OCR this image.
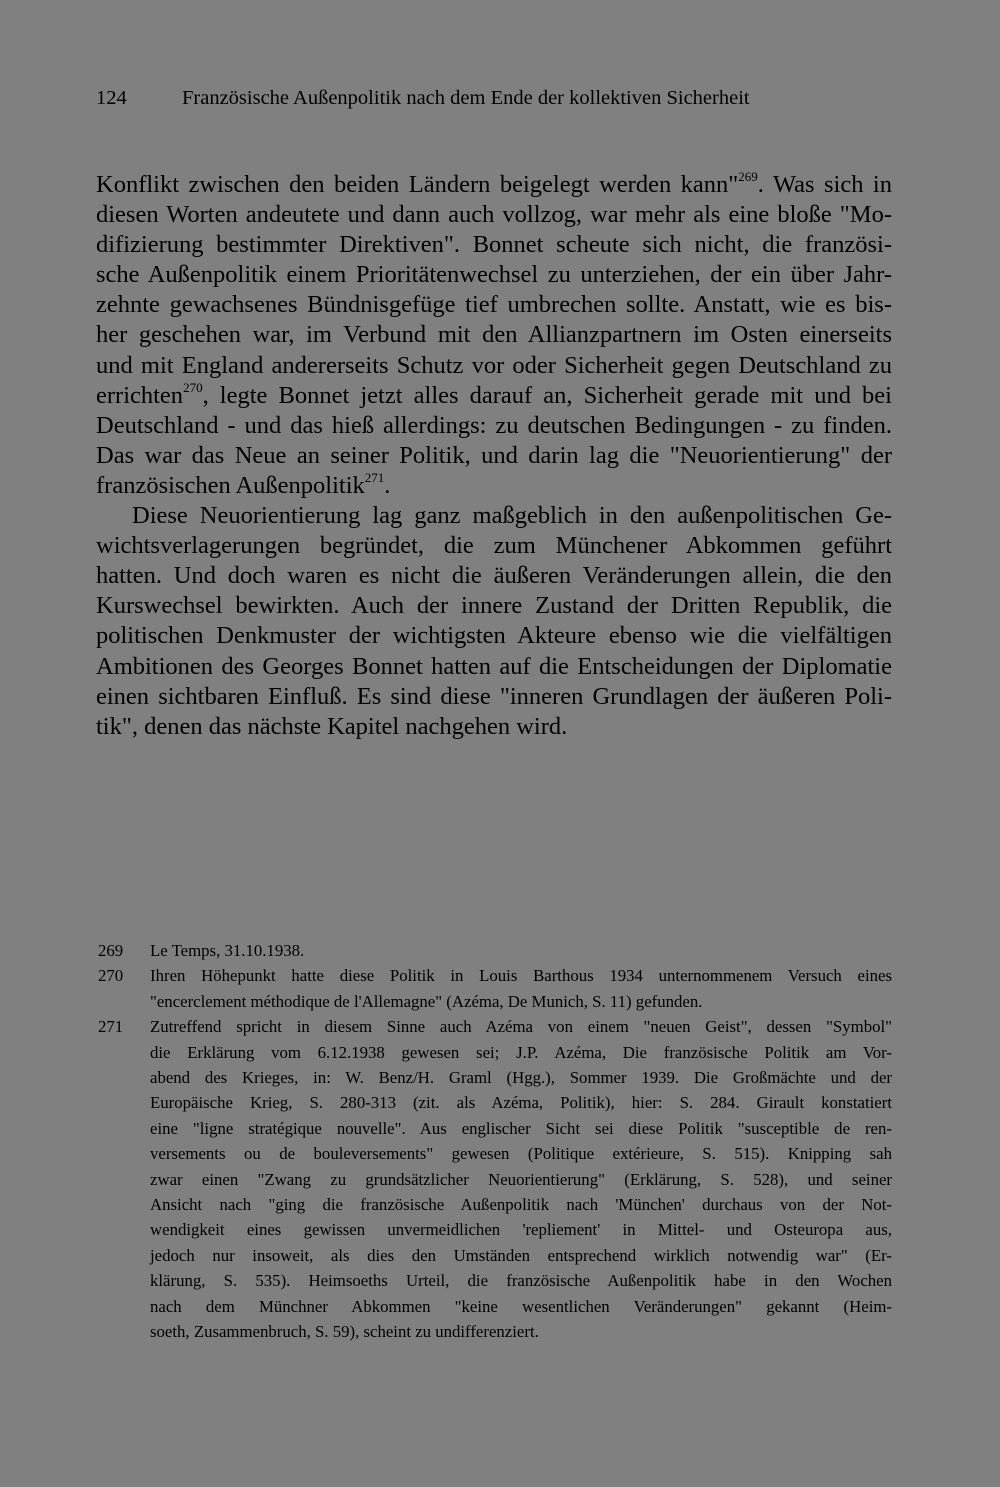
124	Französische Außenpolitik nach dem Ende der kollektiven Sicherheit
Konflikt zwischen den beiden Ländern beigelegt werden kann"$^{269}$. Was sich in
diesen Worten andeutete und dann auch vollzog, war mehr als eine bloße "Mo-
difizierung bestimmter Direktiven". Bonnet scheute sich nicht, die französi-
sche Außenpolitik einem Prioritätenwechsel zu unterziehen, der ein über Jahr-
zehnte gewachsenes Bündnisgefüge tief umbrechen sollte. Anstatt, wie es bis-
her geschehen war, im Verbund mit den Allianzpartnern im Osten einerseits
und mit England andererseits Schutz vor oder Sicherheit gegen Deutschland zu
errichten$^{270}$, legte Bonnet jetzt alles darauf an, Sicherheit gerade mit und bei
Deutschland - und das hieß allerdings: zu deutschen Bedingungen - zu finden.
Das war das Neue an seiner Politik, und darin lag die "Neuorientierung" der
französischen Außenpolitik$^{271}$.
Diese Neuorientierung lag ganz maßgeblich in den außenpolitischen Ge-
wichtsverlagerungen begründet, die zum Münchener Abkommen geführt
hatten. Und doch waren es nicht die äußeren Veränderungen allein, die den
Kurswechsel bewirkten. Auch der innere Zustand der Dritten Republik, die
politischen Denkmuster der wichtigsten Akteure ebenso wie die vielfältigen
Ambitionen des Georges Bonnet hatten auf die Entscheidungen der Diplomatie
einen sichtbaren Einfluß. Es sind diese "inneren Grundlagen der äußeren Poli-
tik", denen das nächste Kapitel nachgehen wird.
269 Le Temps, 31.10.1938.
270 Ihren Höhepunkt hatte diese Politik in Louis Barthous 1934 unternommenem Versuch eines
"encerclement méthodique de l'Allemagne" (Azéma, De Munich, S. 11) gefunden.
271 Zutreffend spricht in diesem Sinne auch Azéma von einem "neuen Geist", dessen "Symbol"
die Erklärung vom 6.12.1938 gewesen sei; J.P. Azéma, Die französische Politik am Vor-
abend des Krieges, in: W. Benz/H. Graml (Hgg.), Sommer 1939. Die Großmächte und der
Europäische Krieg, S. 280-313 (zit. als Azéma, Politik), hier: S. 284. Girault konstatiert
eine "ligne stratégique nouvelle". Aus englischer Sicht sei diese Politik "susceptible de ren-
versements ou de bouleversements" gewesen (Politique extérieure, S. 515). Knipping sah
zwar einen "Zwang zu grundsätzlicher Neuorientierung" (Erklärung, S. 528), und seiner
Ansicht nach "ging die französische Außenpolitik nach 'München' durchaus von der Not-
wendigkeit eines gewissen unvermeidlichen 'repliement' in Mittel- und Osteuropa aus,
jedoch nur insoweit, als dies den Umständen entsprechend wirklich notwendig war" (Er-
klärung, S. 535). Heimsoeths Urteil, die französische Außenpolitik habe in den Wochen
nach dem Münchner Abkommen "keine wesentlichen Veränderungen" gekannt (Heim-
soeth, Zusammenbruch, S. 59), scheint zu undifferenziert.
